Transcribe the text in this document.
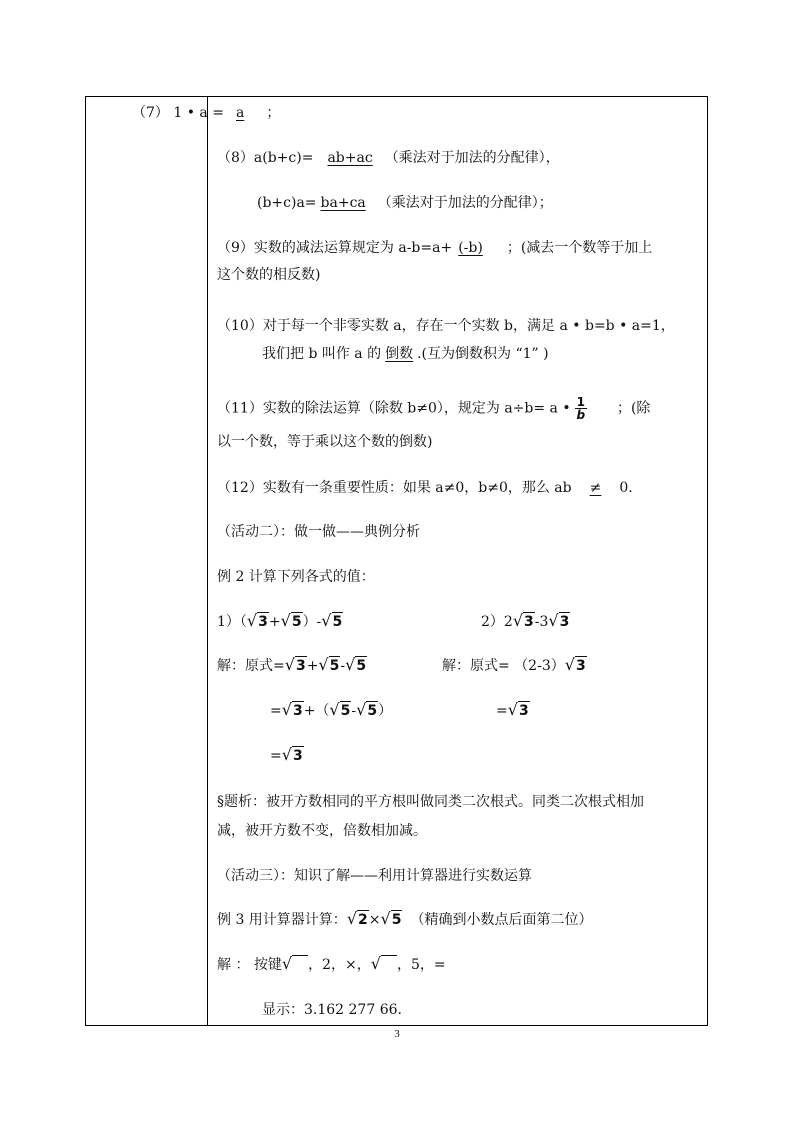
（7） 1 • a = a ；
（8）a(b+c)= ab+ac （乘法对于加法的分配律），
(b+c)a= ba+ca （乘法对于加法的分配律）；
（9）实数的减法运算规定为 a-b=a+ (-b) ；(减去一个数等于加上
这个数的相反数)
（10）对于每一个非零实数 a，存在一个实数 b，满足 a • b=b • a=1，
我们把 b 叫作 a 的 倒数 .(互为倒数积为 “1” )
（11）实数的除法运算（除数 b≠0），规定为 a÷b= a • $\frac{1}{b}$ ；(除
以一个数，等于乘以这个数的倒数)
（12）实数有一条重要性质：如果 a≠0，b≠0，那么 ab ≠ 0.
（活动二）：做一做——典例分析
例 2 计算下列各式的值：
1）（ √ 3 + √ 5 ）- √ 5	2）2 √ 3 -3 √ 3
解：原式= √ 3 + √ 5 - √ 5	解：原式= （2-3） √ 3
= √ 3 +（ √ 5 - √ 5 ）	= √ 3
= √ 3
§题析：被开方数相同的平方根叫做同类二次根式。同类二次根式相加
减，被开方数不变，倍数相加减。
（活动三）：知识了解——利用计算器进行实数运算
例 3 用计算器计算： √ 2 × √ 5 （精确到小数点后面第二位）
解 ： 按键 √ ，2，×， √ ，5，=
显示：3.162 277 66.
3
